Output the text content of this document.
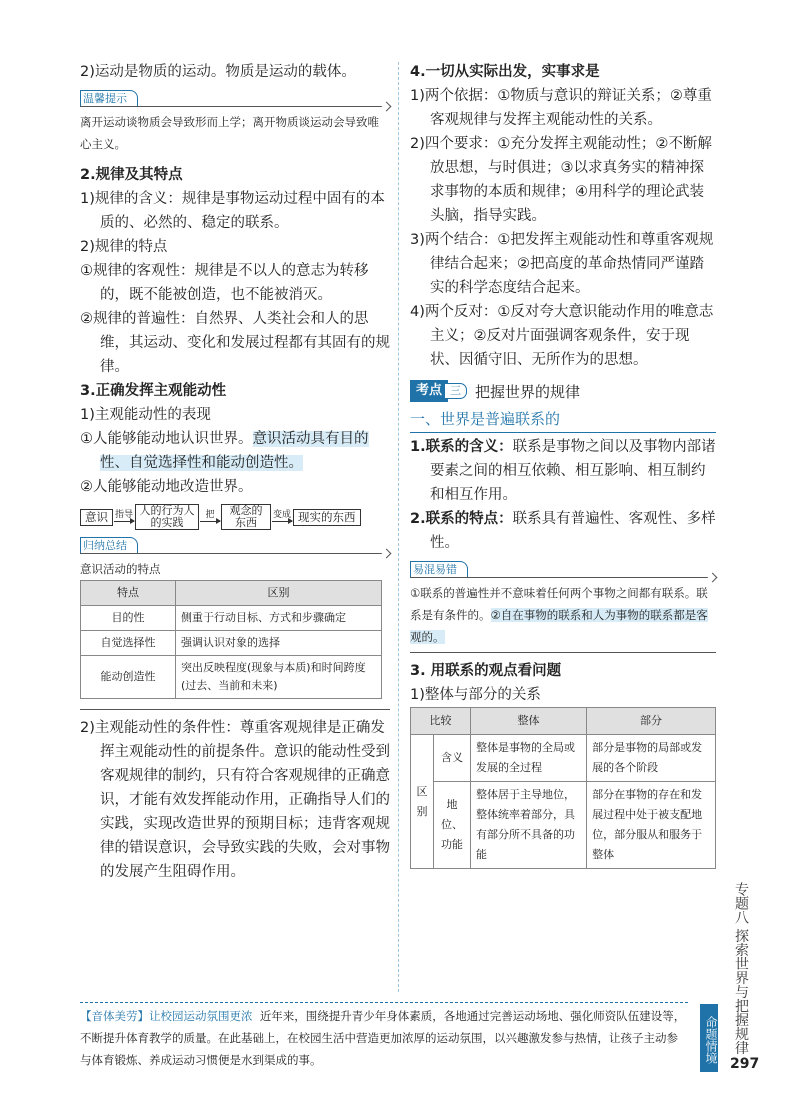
2)运动是物质的运动。物质是运动的载体。

温馨提示

离开运动谈物质会导致形而上学；离开物质谈运动会导致唯心主义。

2.规律及其特点

1)规律的含义：规律是事物运动过程中固有的本质的、必然的、稳定的联系。

2)规律的特点

①规律的客观性：规律是不以人的意志为转移的，既不能被创造，也不能被消灭。

②规律的普遍性：自然界、人类社会和人的思维，其运动、变化和发展过程都有其固有的规律。

3.正确发挥主观能动性

1)主观能动性的表现

①人能够能动地认识世界。意识活动具有目的性、自觉选择性和能动创造性。

②人能够能动地改造世界。

意识 指导 人的行为人的实践
把	观念的东西
变成 现实的东西
归纳总结

意识活动的特点

特点	区别
目的性	侧重于行动目标、方式和步骤确定
自觉选择性	强调认识对象的选择
能动创造性	突出反映程度(现象与本质)和时间跨度(过去、当前和未来)

2)主观能动性的条件性：尊重客观规律是正确发挥主观能动性的前提条件。意识的能动性受到客观规律的制约，只有符合客观规律的正确意识，才能有效发挥能动作用，正确指导人们的实践，实现改造世界的预期目标；违背客观规律的错误意识，会导致实践的失败，会对事物的发展产生阻碍作用。

4.一切从实际出发，实事求是

1)两个依据：①物质与意识的辩证关系；②尊重客观规律与发挥主观能动性的关系。

2)四个要求：①充分发挥主观能动性；②不断解放思想，与时俱进；③以求真务实的精神探求事物的本质和规律；④用科学的理论武装头脑，指导实践。

3)两个结合：①把发挥主观能动性和尊重客观规律结合起来；②把高度的革命热情同严谨踏实的科学态度结合起来。

4)两个反对：①反对夸大意识能动作用的唯意志主义；②反对片面强调客观条件，安于现状、因循守旧、无所作为的思想。

考点 三 把握世界的规律

一、世界是普遍联系的

1.联系的含义：联系是事物之间以及事物内部诸要素之间的相互依赖、相互影响、相互制约和相互作用。

2.联系的特点：联系具有普遍性、客观性、多样性。

易混易错

①联系的普遍性并不意味着任何两个事物之间都有联系。联系是有条件的。②自在事物的联系和人为事物的联系都是客观的。

3. 用联系的观点看问题

1)整体与部分的关系

比较		整体	部分
区别	含义	整体是事物的全局或发展的全过程	部分是事物的局部或发展的各个阶段
	地位、功能	整体居于主导地位，整体统率着部分，具有部分所不具备的功能	部分在事物的存在和发展过程中处于被支配地位，部分服从和服务于整体
专题八 探索世界与把握规律
【音体美劳】让校园运动氛围更浓 近年来，围绕提升青少年身体素质，各地通过完善运动场地、强化师资队伍建设等，不断提升体育教学的质量。在此基础上，在校园生活中营造更加浓厚的运动氛围，以兴趣激发参与热情，让孩子主动参与体育锻炼、养成运动习惯便是水到渠成的事。	命题情境 297
